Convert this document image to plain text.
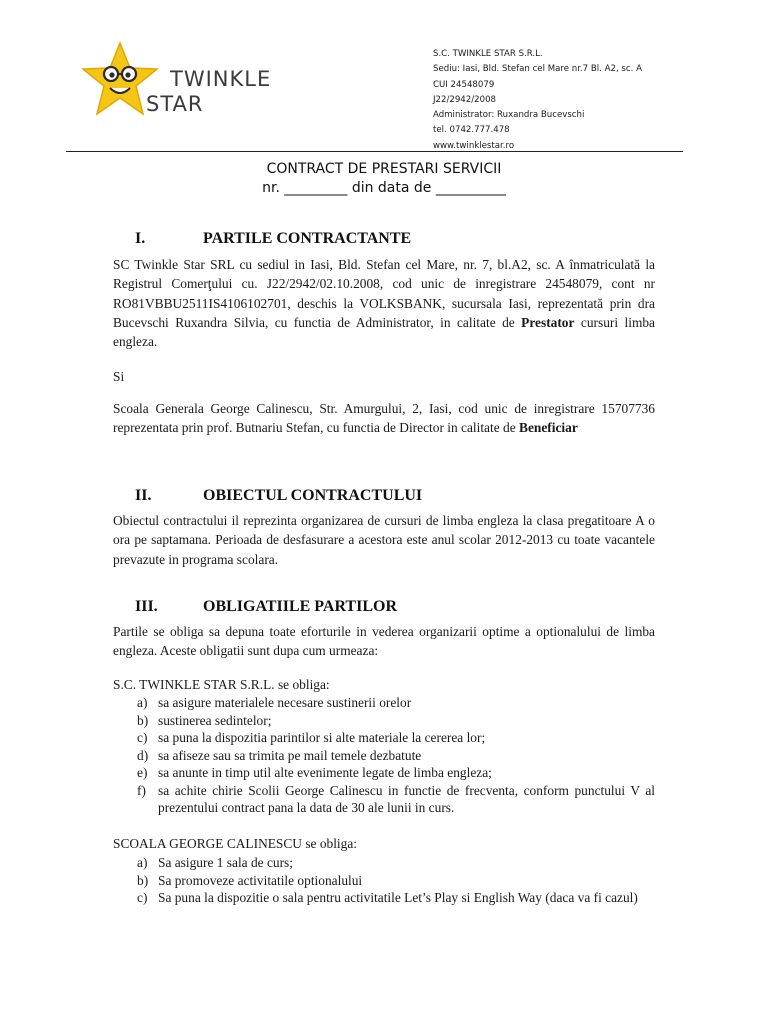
TWINKLE
STAR
S.C. TWINKLE STAR S.R.L.
Sediu: Iasi, Bld. Stefan cel Mare nr.7 Bl. A2, sc. A
CUI 24548079
J22/2942/2008
Administrator: Ruxandra Bucevschi
tel. 0742.777.478
www.twinklestar.ro
CONTRACT DE PRESTARI SERVICII
nr. _________ din data de __________
I.	PARTILE CONTRACTANTE
SC Twinkle Star SRL cu sediul in Iasi, Bld. Stefan cel Mare, nr. 7, bl.A2, sc. A înmatriculată la Registrul Comerţului cu. J22/2942/02.10.2008, cod unic de inregistrare 24548079, cont nr RO81VBBU2511IS4106102701, deschis la VOLKSBANK, sucursala Iasi, reprezentată prin dra Bucevschi Ruxandra Silvia, cu functia de Administrator, in calitate de Prestator cursuri limba engleza.
Si
Scoala Generala George Calinescu, Str. Amurgului, 2, Iasi, cod unic de inregistrare 15707736 reprezentata prin prof. Butnariu Stefan, cu functia de Director in calitate de Beneficiar
II.	OBIECTUL CONTRACTULUI
Obiectul contractului il reprezinta organizarea de cursuri de limba engleza la clasa pregatitoare A o ora pe saptamana. Perioada de desfasurare a acestora este anul scolar 2012-2013 cu toate vacantele prevazute in programa scolara.
III.	OBLIGATIILE PARTILOR
Partile se obliga sa depuna toate eforturile in vederea organizarii optime a optionalului de limba engleza. Aceste obligatii sunt dupa cum urmeaza:
S.C. TWINKLE STAR S.R.L. se obliga:
a) sa asigure materialele necesare sustinerii orelor
b) sustinerea sedintelor;
c) sa puna la dispozitia parintilor si alte materiale la cererea lor;
d) sa afiseze sau sa trimita pe mail temele dezbatute
e) sa anunte in timp util alte evenimente legate de limba engleza;
f) sa achite chirie Scolii George Calinescu in functie de frecventa, conform punctului V al prezentului contract pana la data de 30 ale lunii in curs.
SCOALA GEORGE CALINESCU se obliga:
a) Sa asigure 1 sala de curs;
b) Sa promoveze activitatile optionalului
c) Sa puna la dispozitie o sala pentru activitatile Let’s Play si English Way (daca va fi cazul)
